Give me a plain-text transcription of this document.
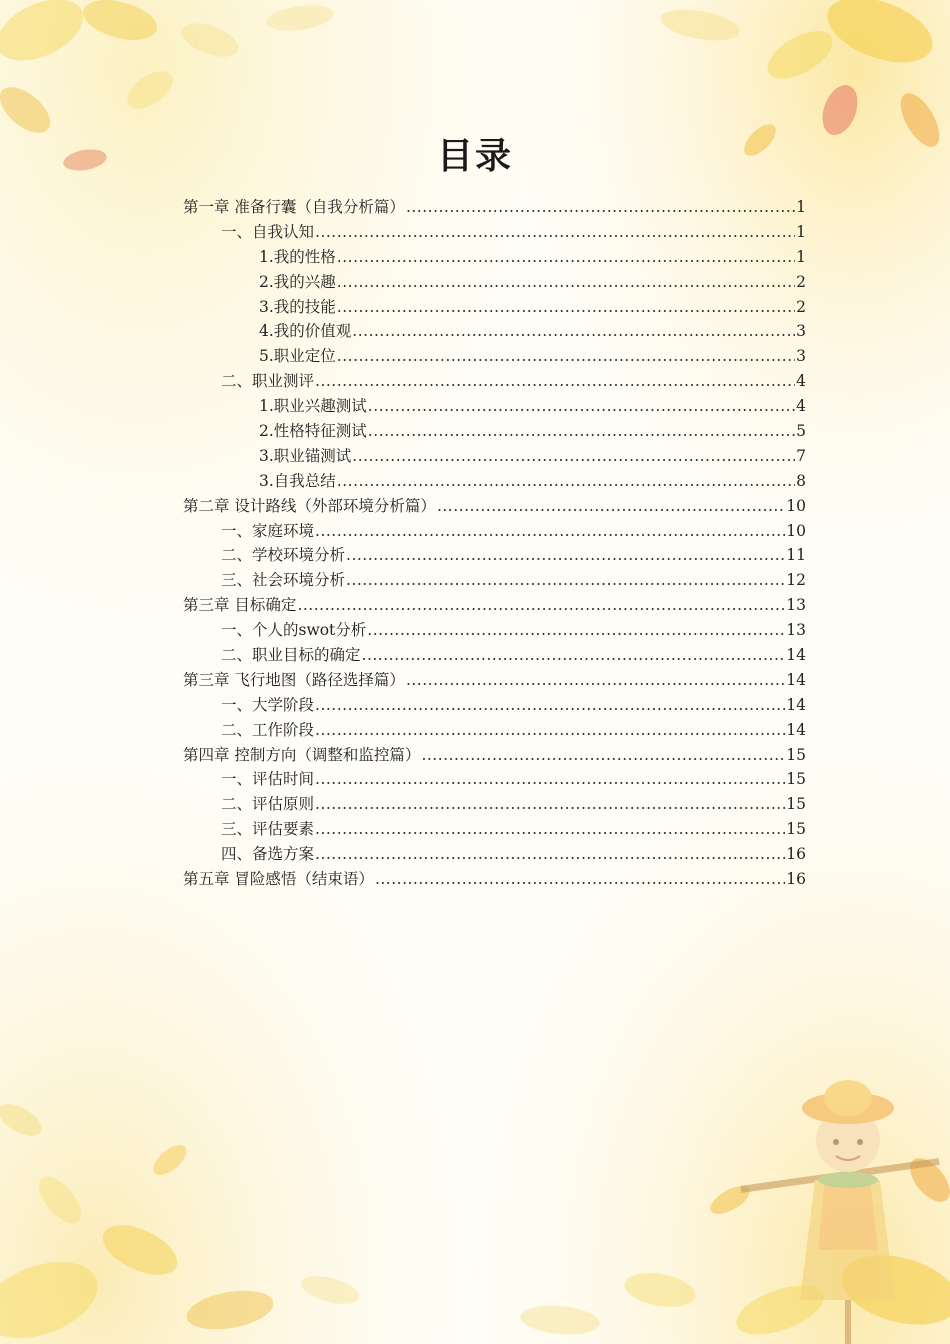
目录
第一章 准备行囊（自我分析篇） .....	1
一、自我认知 .....	1
1.我的性格 .....	1
2.我的兴趣 .....	2
3.我的技能 .....	2
4.我的价值观 .....	3
5.职业定位 .....	3
二、职业测评 .....	4
1.职业兴趣测试 .....	4
2.性格特征测试 .....	5
3.职业锚测试 .....	7
3.自我总结 .....	8
第二章 设计路线（外部环境分析篇） .....	10
一、家庭环境 .....	10
二、学校环境分析 .....	11
三、社会环境分析 .....	12
第三章 目标确定 .....	13
一、个人的swot分析 .....	13
二、职业目标的确定 .....	14
第三章 飞行地图（路径选择篇） .....	14
一、大学阶段 .....	14
二、工作阶段 .....	14
第四章 控制方向（调整和监控篇） .....	15
一、评估时间 .....	15
二、评估原则 .....	15
三、评估要素 .....	15
四、备选方案 .....	16
第五章 冒险感悟（结束语） .....	16
